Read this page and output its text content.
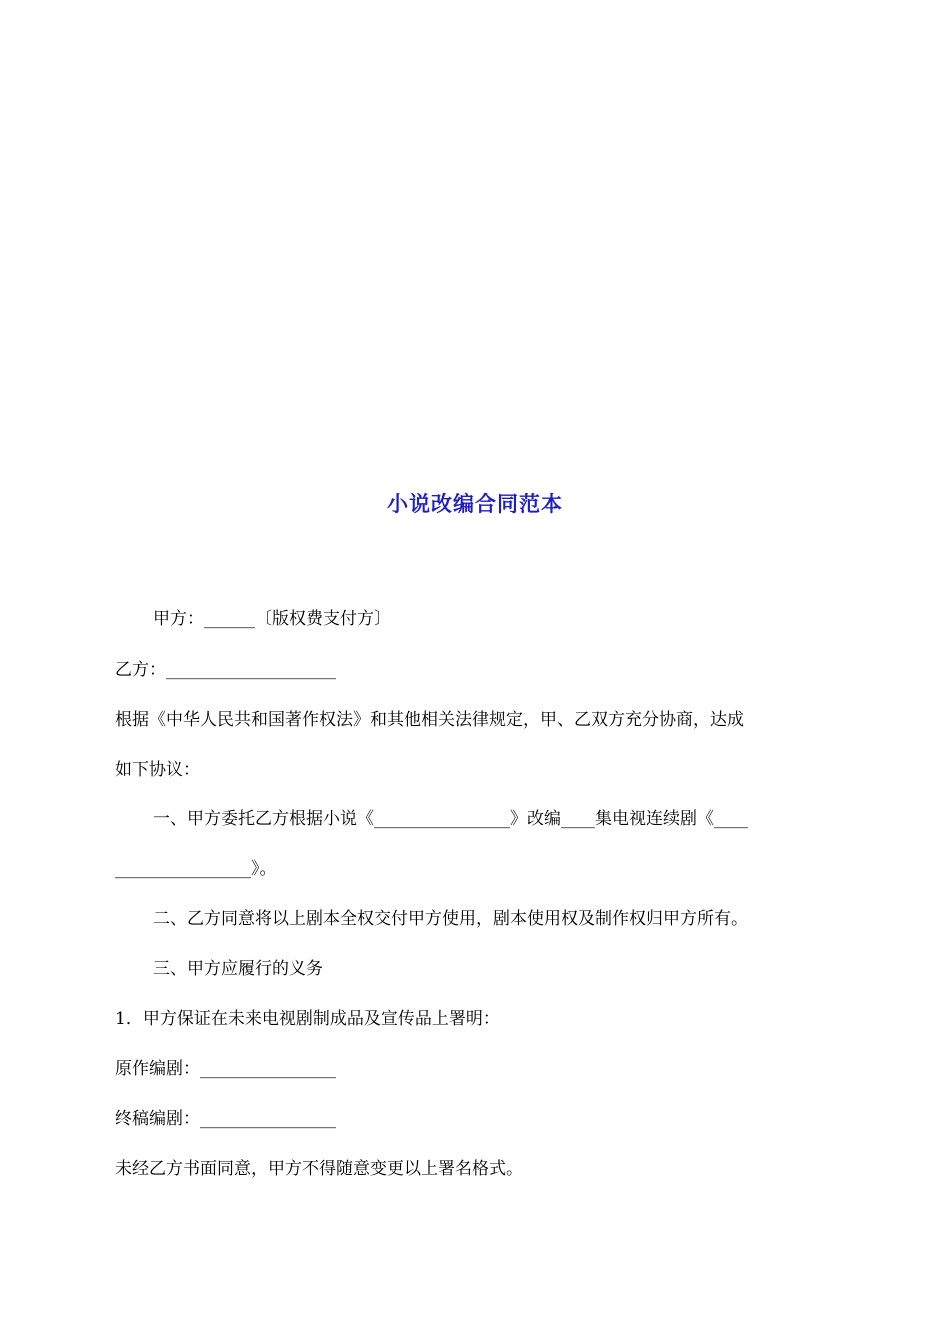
小说改编合同范本
甲方：______〔版权费支付方〕
乙方：____________________
根据《中华人民共和国著作权法》和其他相关法律规定，甲、乙双方充分协商，达成
如下协议：
一、甲方委托乙方根据小说《________________》改编____集电视连续剧《____
________________》。
二、乙方同意将以上剧本全权交付甲方使用，剧本使用权及制作权归甲方所有。
三、甲方应履行的义务
1．甲方保证在未来电视剧制成品及宣传品上署明：
原作编剧：________________
终稿编剧：________________
未经乙方书面同意，甲方不得随意变更以上署名格式。
